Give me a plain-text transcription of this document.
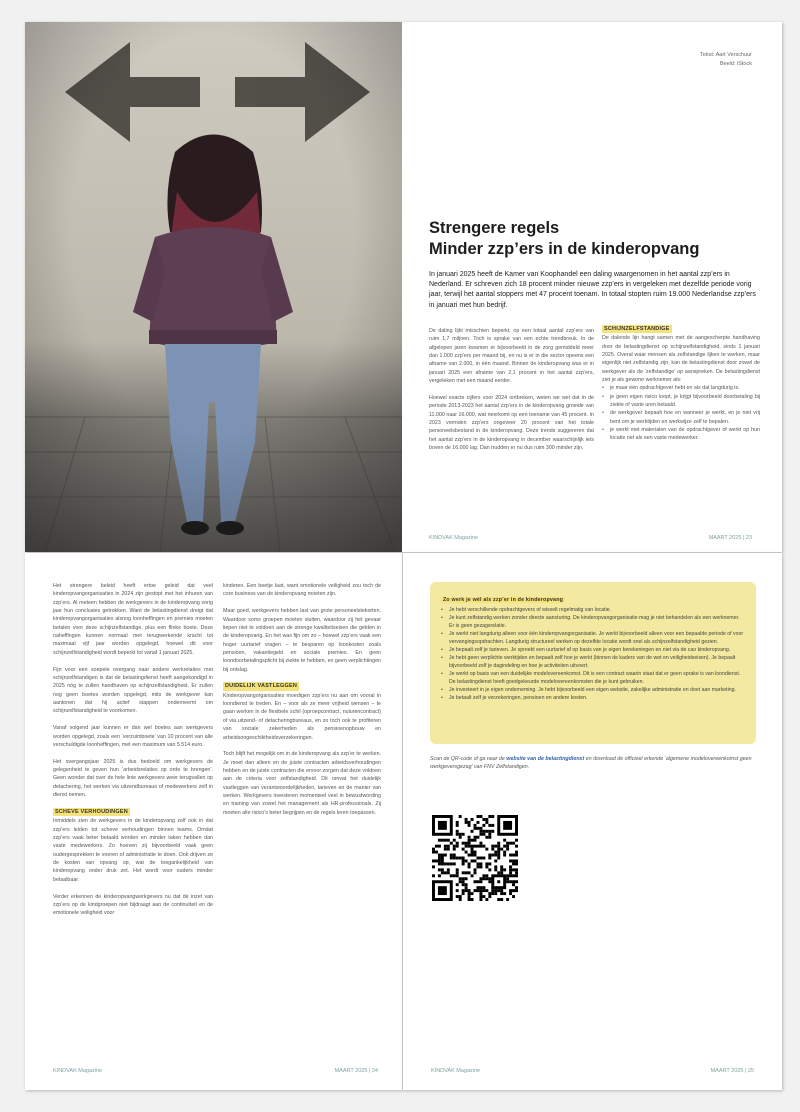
Tekst: Aart Verschuur
Beeld: iStock
Strengere regels
Minder zzp’ers in de kinderopvang
In januari 2025 heeft de Kamer van Koophandel een daling waargenomen in het aantal zzp’ers in Nederland. Er schreven zich 18 procent minder nieuwe zzp’ers in vergeleken met dezelfde periode vorig jaar, terwijl het aantal stoppers met 47 procent toenam. In totaal stopten ruim 19.000 Nederlandse zzp’ers in januari met hun bedrijf.

De daling lijkt misschien beperkt, op een totaal aantal zzp’ers van ruim 1,7 miljoen. Toch is sprake van een echte trendbreuk. In de afgelopen jaren kwamen er bijvoorbeeld in de zorg gemiddeld meer dan 1.000 zzp’ers per maand bij, en nu is er in die sector opeens een afname van 2.000, in één maand. Binnen de kinderopvang was er in januari 2025 een afname van 2,1 procent in het aantal zzp’ers, vergeleken met een maand eerder.

Hoewel exacte cijfers voor 2024 ontbreken, weten we wel dat in de periode 2013-2023 het aantal zzp’ers in de kinderopvang groeide van 11.000 naar 16.000, wat neerkomt op een toename van 45 procent. In 2023 vormden zzp’ers ongeveer 20 procent van het totale personeelsbestand in de kinderopvang. Deze trends suggereren dat het aantal zzp’ers in de kinderopvang in december waarschijnlijk iets boven de 16.000 lag. Dan trudden er nu dus ruim 300 minder zijn.

SCHIJNZELFSTANDIGE

De dalende lijn hangt samen met de aangescherpte handhaving door de belastingdienst op schijnzelfstandigheid, sinds 1 januari 2025. Overal waar mensen als zelfstandige lijken te werken, maar eigenlijk niet zelfstandig zijn, kan de belastingdienst door zowel de werkgever als de ‘zelfstandige’ op aanspreken. De belastingdienst ziet je als gewone werknemer als:

• je maar één opdrachtgever hebt en als dat langdurig is.
• je geen eigen risico loopt, je krijgt bijvoorbeeld doorbetaling bij ziekte of vaste uren betaald.
• de werkgever bepaalt hoe en wanneer je werkt, en je niet vrij bent om je werktijden en werkwijze zelf te bepalen.
• je werkt met materialen van de opdrachtgever of werkt op hun locatie net als een vaste medewerker.
KINDVAK Magazine	MAART 2025 | 23

Het strengere beleid heeft ertoe geleid dat veel kinderopvangorganisaties in 2024 zijn gestopt met het inhuren van zzp’ers. Al meteen hebben de werkgevers in de kinderopvang vorig jaar hun conclusies getrokken. Want de belastingdienst dreigt dat kinderopvangorganisaties alsnog loonheffingen en premies moeten betalen voor deze schijnzelfstandige, plus een flinke boete. Deze naheffingen kunnen normaal met terugwerkende kracht tot maximaal vijf jaar worden opgelegd, hoewel dit voor schijnzelfstandigheid wordt beperkt tot vanaf 1 januari 2025.

Fijn voor een soepele overgang naar andere werkrelaties met schijnzelfstandigen is dat de belastingdienst heeft aangekondigd in 2025 nóg te zullen handhaven op schijnzelfstandigheid. Er zullen nog geen boetes worden opgelegd, mits de werkgever kan aantonen dat hij actief stappen onderneemt om schijnzelfstandigheid te voorkomen.

Vanaf volgend jaar kunnen er dan wel boetes aan werkgevers worden opgelegd, zoals een ‘verzuimboete’ van 10 procent van alle verschuldigde loonheffingen, met een maximum van 5.514 euro.

Het overgangsjaar 2025 is dus bedoeld om werkgevers de gelegenheid te geven hun ‘arbeidsrelaties op orde te brengen’. Geen wonder dat over de hele linie werkgevers weer terugvallen op detachering, het werken via uitzendbureaus of medewerkers zelf in dienst nemen.

SCHEVE VERHOUDINGEN

Inmiddels zien de werkgevers in de kinderopvang zelf ook in dat zzp’ers leiden tot scheve verhoudingen binnen teams. Omdat zzp’ers vaak beter betaald worden en minder taken hebben dan vaste medewerkers. Zo hoeven zij bijvoorbeeld vaak geen oudergesprekken te voeren of administratie te doen. Ook drijven ze de kosten van opvang op, wat de toegankelijkheid van kinderopvang onder druk zet. Het wordt voor ouders minder betaalbaar.

Verder erkennen de kinderopvangwerkgevers nu dat de inzet van zzp’ers op de kindgroepen niet bijdraagt aan de continuïteit en de emotionele veiligheid voor

kinderen. Een beetje laat, want emotionele veiligheid zou toch de core business van de kinderopvang moeten zijn.

Maar goed, werkgevers hebben last van grote personeelstekorten. Waardoor soms groepen moeten sluiten, waardoor zij het gevaar liepen niet te voldoen aan de strenge kwaliteitseisen die gelden in de kinderopvang. En het was fijn om zo – hoewel zzp’ers vaak een hoger uurtarief vragen – te besparen op loonkosten zoals pensioen, vakantiegeld en sociale premies. En geen loondoorbetalingsplicht bij ziekte te hebben, en geen verplichtingen bij ontslag.

DUIDELIJK VASTLEGGEN

Kinderopvangorganisaties moedigen zzp’ers nu aan om vooral in loondienst te treden. En – voor als ze meer vrijheid wensen – te gaan werken in de flexibele schil (oproepcontract, nulurencontract) of via uitzend- of detacheringbureaus, en zo toch ook te profiteren van sociale zekerheden als pensioenopbouw en arbeidsongeschiktheidsverzekeringen.

Toch blijft het mogelijk om in de kinderopvang als zzp’er te werken. Je moet dan alleen en de juiste contracten arbeidsverhoudingen hebben en de juiste contracten die ervoor zorgen dat deze voldoen aan de criteria voor zelfstandigheid. Dit omvat het duidelijk vastleggen van verantwoordelijkheden, tarieven en de manier van werken. Werkgevers investeren momenteel veel in bewustwording en training van zowel het management als HR-professionals. Zij moeten alle risico’s beter begrijpen en de regels leren toepassen.

KINDVAK Magazine	MAART 2025 | 24
Zo werk je wél als zzp’er in de kinderopvang
• Je hebt verschillende opdrachtgevers of wisselt regelmatig van locatie.
• Je kunt zelfstandig werken zonder directe aansturing. De kinderopvangorganisatie mag je niet behandelen als een werknemer. Er is geen gezagsrelatie.
• Je werkt niet langdurig alleen voor één kinderopvangorganisatie. Je werkt bijvoorbeeld alleen voor een bepaalde periode of voor vervangingsopdrachten. Langdurig structureel werken op dezelfde locatie wordt snel als schijnzelfstandigheid gezien.
• Je bepaalt zelf je tarieven. Je spreekt een uurtarief af op basis van je eigen berekeningen en niet via de cao kinderopvang.
• Je hebt geen verplichte werktijden en bepaalt zelf hoe je werkt (binnen de kaders van de wet en veiligheidseisen). Je bepaalt bijvoorbeeld zelf je dagindeling en hoe je activiteiten uitvoert.
• Je werkt op basis van een duidelijke modelovereenkomst. Dit is een contract waarin staat dat er geen sprake is van loondienst. De belastingdienst heeft goedgekeurde modelovereenkomsten die je kunt gebruiken.
• Je investeert in je eigen onderneming. Je hebt bijvoorbeeld een eigen website, zakelijke administratie en doet aan marketing.
• Je betaalt zelf je verzekeringen, pensioen en andere kosten.
Scan de QR-code of ga naar de website van de belastingdienst en download de officieel erkende ‘algemene modelovereenkomst geen werkgeversgezag’ van FNV Zelfstandigen.
KINDVAK Magazine	MAART 2025 | 25
